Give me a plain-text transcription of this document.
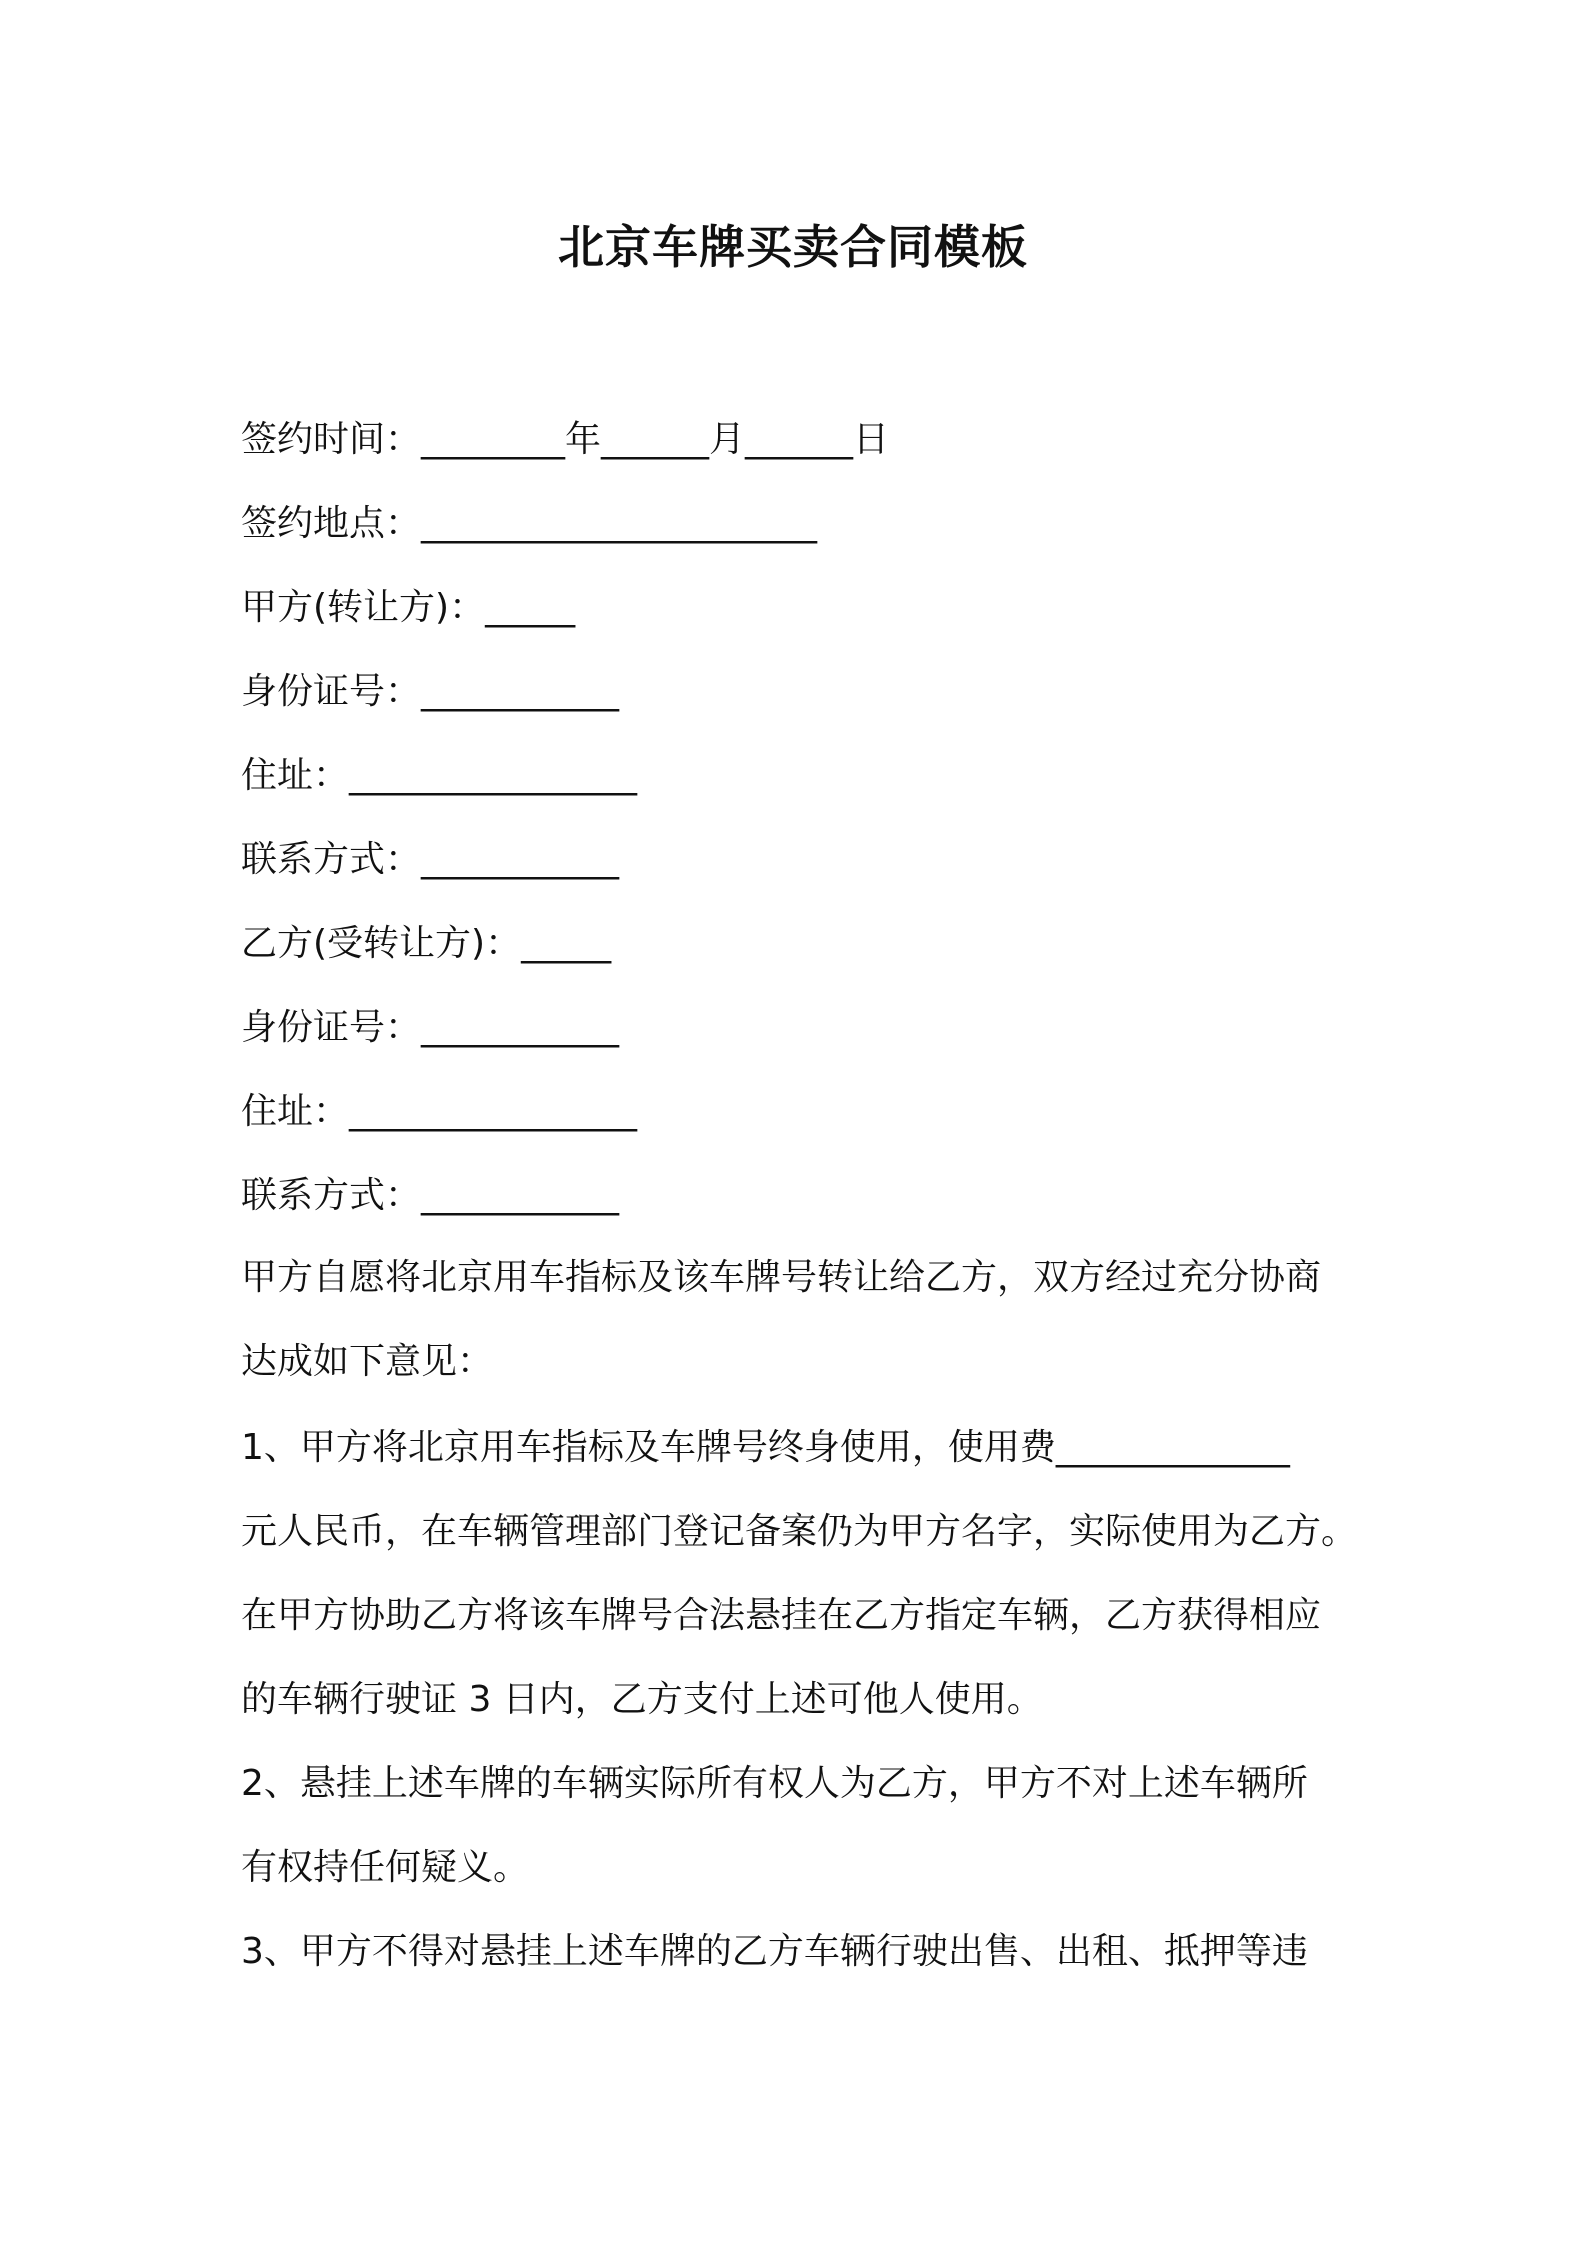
北京车牌买卖合同模板
签约时间：________年______月______日
签约地点：______________________
甲方(转让方)：_____
身份证号：___________
住址：________________
联系方式：___________
乙方(受转让方)：_____
身份证号：___________
住址：________________
联系方式：___________
甲方自愿将北京用车指标及该车牌号转让给乙方，双方经过充分协商
达成如下意见：
1、甲方将北京用车指标及车牌号终身使用，使用费_____________
元人民币，在车辆管理部门登记备案仍为甲方名字，实际使用为乙方。
在甲方协助乙方将该车牌号合法悬挂在乙方指定车辆，乙方获得相应
的车辆行驶证 3 日内，乙方支付上述可他人使用。
2、悬挂上述车牌的车辆实际所有权人为乙方，甲方不对上述车辆所
有权持任何疑义。
3、甲方不得对悬挂上述车牌的乙方车辆行驶出售、出租、抵押等违
